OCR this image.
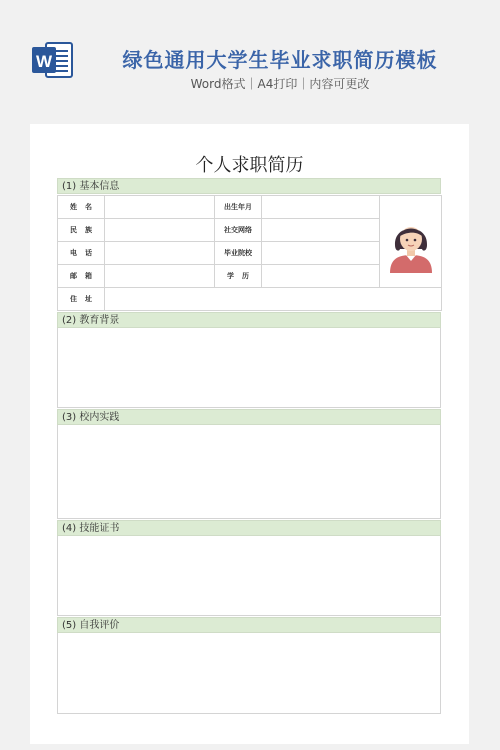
W	绿色通用大学生毕业求职简历模板
Word格式｜A4打印｜内容可更改
个人求职简历
(1) 基本信息
姓 名		出生年月		

民 族		社交网络		
电 话		毕业院校		
邮 箱		学 历		
住 址				
(2) 教育背景
(3) 校内实践
(4) 技能证书
(5) 自我评价
